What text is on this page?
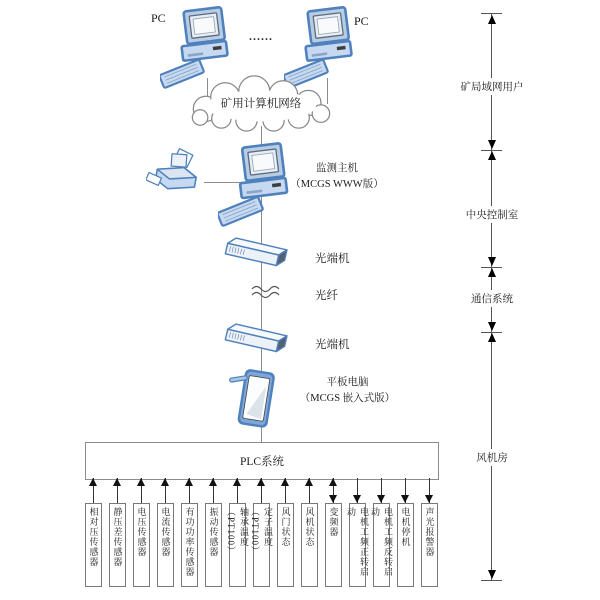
PC
......
PC
矿用计算机网络
监测主机
（MCGS WWW版）
光端机
光纤
光端机
平板电脑
（MCGS 嵌入式版）
PLC系统
相对压传感器 静压差传感器 电压传感器 电流传感器 有功功率传感器 振动传感器	轴承温度（PT100）	定子温度（PT100）	风门状态 风机状态 变频器	电机工频正转启动	电机工频反转启动	电机停机 声光报警器
矿局域网用户
中央控制室
通信系统
风机房
